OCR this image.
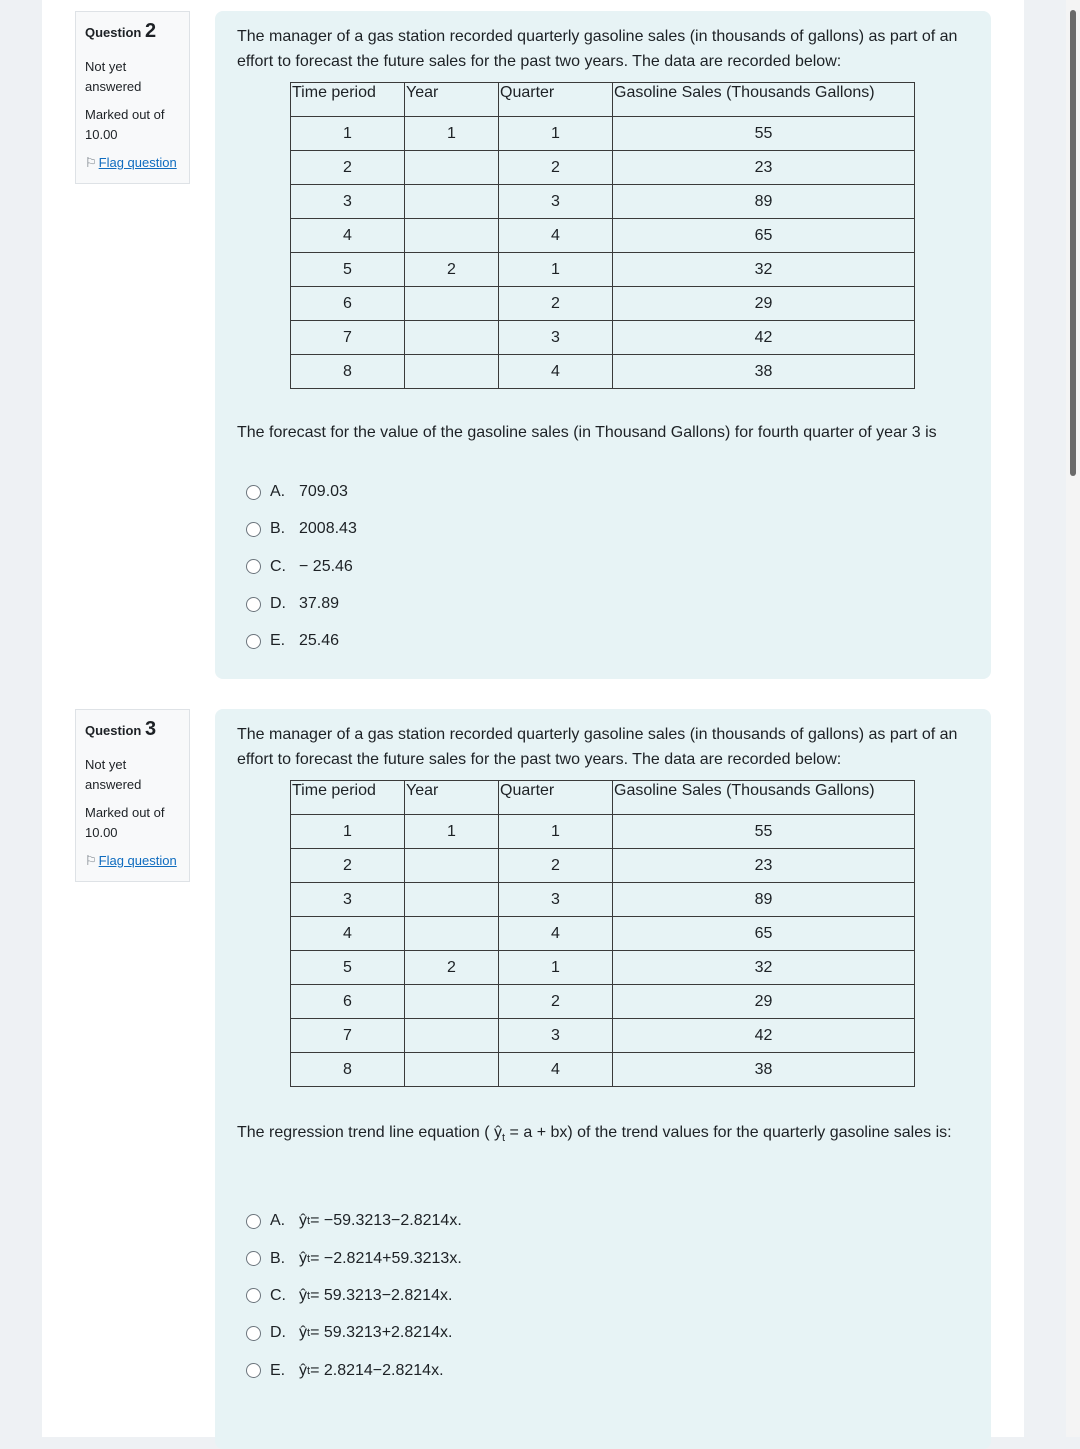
Question 2
Not yet answered
Marked out of 10.00
⚐ Flag question

The manager of a gas station recorded quarterly gasoline sales (in thousands of gallons) as part of an effort to forecast the future sales for the past two years. The data are recorded below:

Time period	Year	Quarter	Gasoline Sales (Thousands Gallons)
1	1	1	55
2		2	23
3		3	89
4		4	65
5	2	1	32
6		2	29
7		3	42
8		4	38

The forecast for the value of the gasoline sales (in Thousand Gallons) for fourth quarter of year 3 is

A. 709.03
B. 2008.43
C. − 25.46
D. 37.89
E. 25.46
Question 3
Not yet answered
Marked out of 10.00
⚐ Flag question

The manager of a gas station recorded quarterly gasoline sales (in thousands of gallons) as part of an effort to forecast the future sales for the past two years. The data are recorded below:

Time period	Year	Quarter	Gasoline Sales (Thousands Gallons)
1	1	1	55
2		2	23
3		3	89
4		4	65
5	2	1	32
6		2	29
7		3	42
8		4	38

The regression trend line equation ( $ŷ_t = a + bx$) of the trend values for the quarterly gasoline sales is:

A. ŷ t = −59.3213−2.8214x.
B. ŷ t = −2.8214+59.3213x.
C. ŷ t = 59.3213−2.8214x.
D. ŷ t = 59.3213+2.8214x.
E. ŷ t = 2.8214−2.8214x.
